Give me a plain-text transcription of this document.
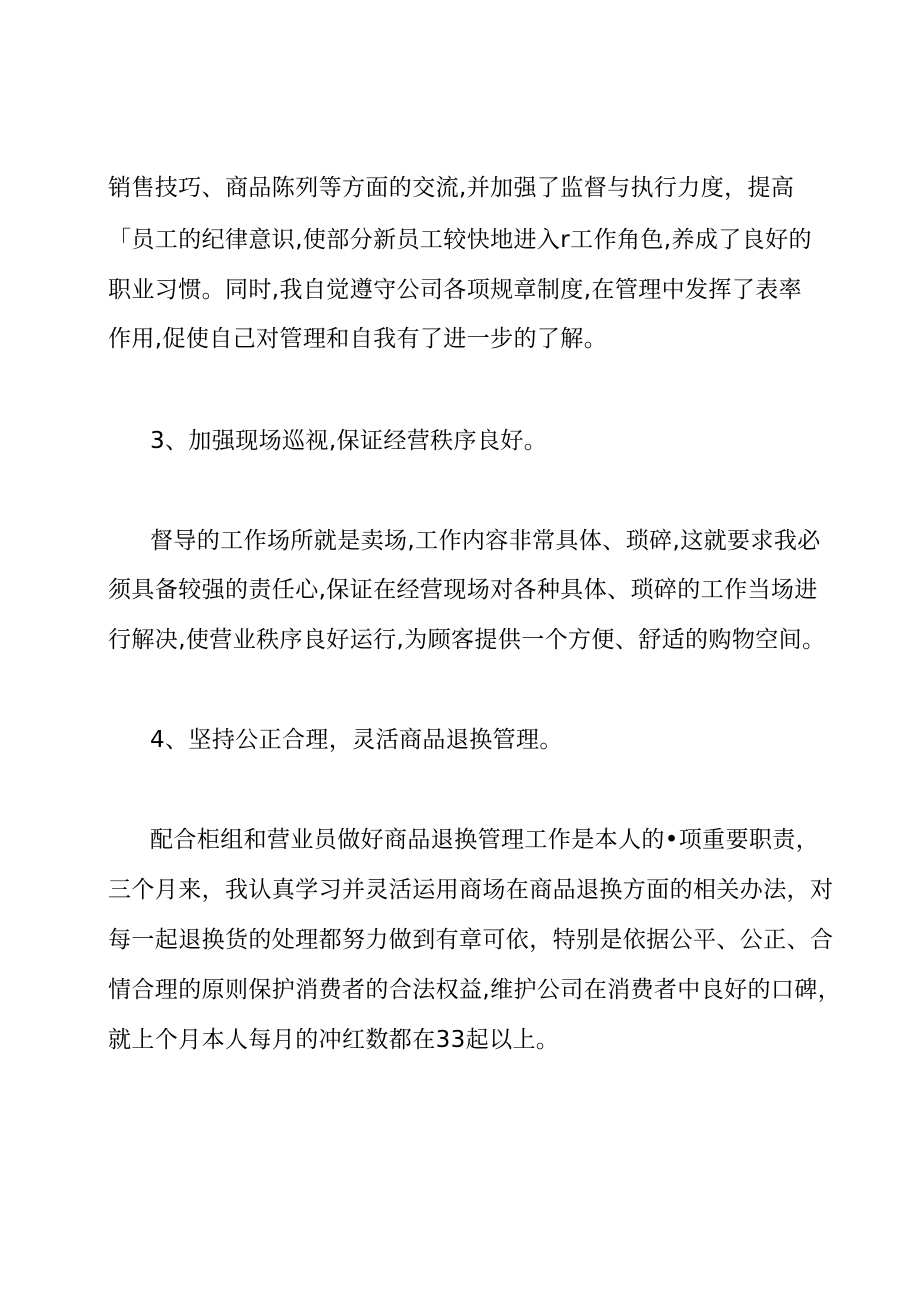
销售技巧、商品陈列等方面的交流,并加强了监督与执行力度，提高
「员工的纪律意识,使部分新员工较快地进入r工作角色,养成了良好的
职业习惯。同时,我自觉遵守公司各项规章制度,在管理中发挥了表率
作用,促使自己对管理和自我有了进一步的了解。
3、加强现场巡视,保证经营秩序良好。
督导的工作场所就是卖场,工作内容非常具体、琐碎,这就要求我必
须具备较强的责任心,保证在经营现场对各种具体、琐碎的工作当场进
行解决,使营业秩序良好运行,为顾客提供一个方便、舒适的购物空间。
4、坚持公正合理，灵活商品退换管理。
配合柜组和营业员做好商品退换管理工作是本人的•项重要职责，
三个月来，我认真学习并灵活运用商场在商品退换方面的相关办法，对
每一起退换货的处理都努力做到有章可依，特别是依据公平、公正、合
情合理的原则保护消费者的合法权益,维护公司在消费者中良好的口碑，
就上个月本人每月的冲红数都在33起以上。
